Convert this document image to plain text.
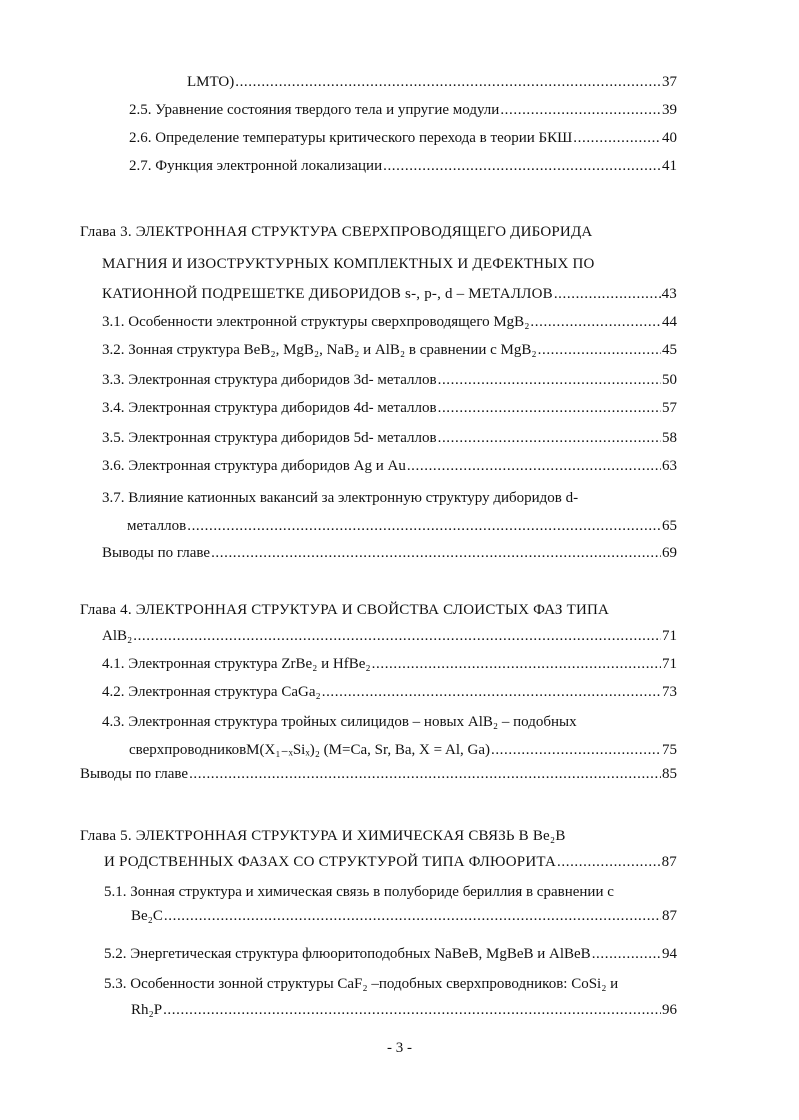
LMTO) .....	37
2.5. Уравнение состояния твердого тела и упругие модули .....	39
2.6. Определение температуры критического перехода в теории БКШ .....	40
2.7. Функция электронной локализации .....	41
Глава 3. ЭЛЕКТРОННАЯ СТРУКТУРА СВЕРХПРОВОДЯЩЕГО ДИБОРИДА
МАГНИЯ И ИЗОСТРУКТУРНЫХ КОМПЛЕКТНЫХ И ДЕФЕКТНЫХ ПО
КАТИОННОЙ ПОДРЕШЕТКЕ ДИБОРИДОВ s-, p-, d – МЕТАЛЛОВ .....	43
3.1. Особенности электронной структуры сверхпроводящего MgB₂ .....	44
3.2. Зонная структура BeB₂, MgB₂, NaB₂ и AlB₂ в сравнении с MgB₂ .....	45
3.3. Электронная структура диборидов 3d- металлов .....	50
3.4. Электронная структура диборидов 4d- металлов .....	57
3.5. Электронная структура диборидов 5d- металлов .....	58
3.6. Электронная структура диборидов Ag и Au .....	63
3.7. Влияние катионных вакансий за электронную структуру диборидов d-
металлов .....	65
Выводы по главе .....	69
Глава 4. ЭЛЕКТРОННАЯ СТРУКТУРА И СВОЙСТВА СЛОИСТЫХ ФАЗ ТИПА
AlB₂ .....	71
4.1. Электронная структура ZrBe₂ и HfBe₂ .....	71
4.2. Электронная структура CaGa₂ .....	73
4.3. Электронная структура тройных силицидов – новых AlB₂ – подобных
сверхпроводниковM(X₁₋ₓSiₓ)₂ (M=Ca, Sr, Ba, X = Al, Ga) .....	75
Выводы по главе .....	85
Глава 5. ЭЛЕКТРОННАЯ СТРУКТУРА И ХИМИЧЕСКАЯ СВЯЗЬ В Be₂B
И РОДСТВЕННЫХ ФАЗАХ СО СТРУКТУРОЙ ТИПА ФЛЮОРИТА .....	87
5.1. Зонная структура и химическая связь в полубориде бериллия в сравнении с
Be₂C .....	87
5.2. Энергетическая структура флюоритоподобных NaBeB, MgBeB и AlBeB .....	94
5.3. Особенности зонной структуры CaF₂ –подобных сверхпроводников: CoSi₂ и
Rh₂P .....	96
- 3 -
